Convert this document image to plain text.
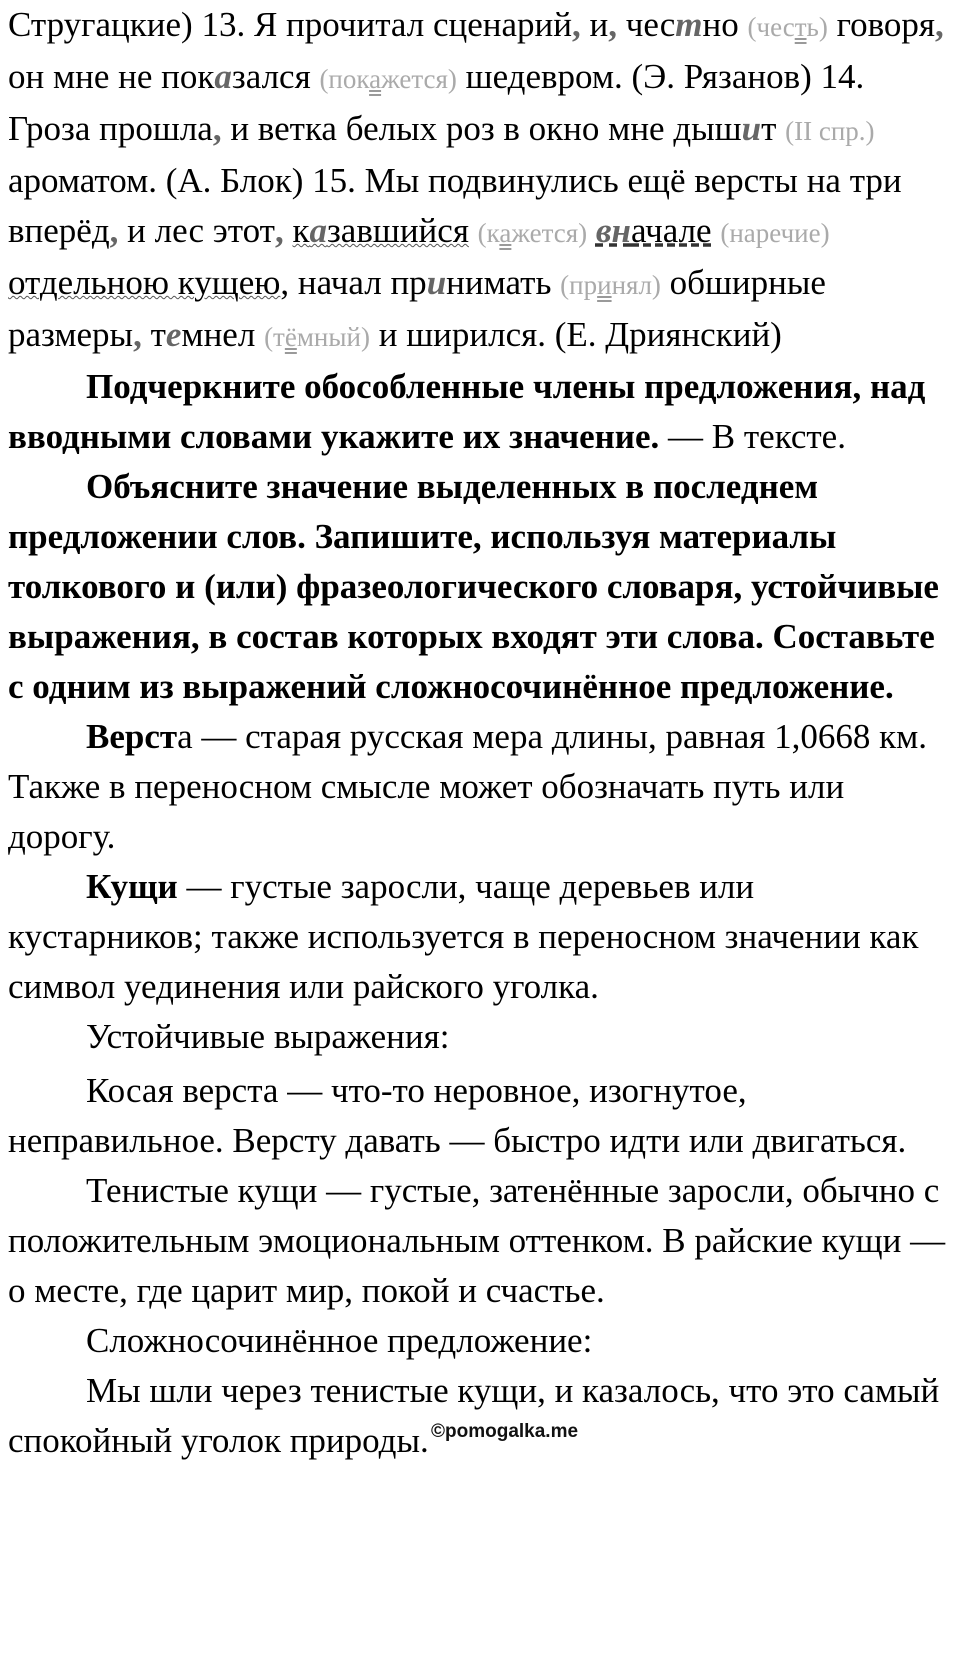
Стругацкие) 13. Я прочитал сценарий, и, честно (честь) говоря, он мне не показался (покажется) шедевром. (Э. Рязанов) 14. Гроза прошла, и ветка белых роз в окно мне дышит (II спр.) ароматом. (А. Блок) 15. Мы подвинулись ещё версты на три вперёд, и лес этот, казавшийся (кажется) вначале (наречие) отдельною кущею, начал принимать (принял) обширные размеры, темнел (тёмный) и ширился. (Е. Дриянский)

Подчеркните обособленные члены предложения, над вводными словами укажите их значение. — В тексте.

Объясните значение выделенных в последнем предложении слов. Запишите, используя материалы толкового и (или) фразеологического словаря, устойчивые выражения, в состав которых входят эти слова. Составьте с одним из выражений сложносочинённое предложение.

Верста — старая русская мера длины, равная 1,0668 км. Также в переносном смысле может обозначать путь или дорогу.

Кущи — густые заросли, чаще деревьев или кустарников; также используется в переносном значении как символ уединения или райского уголка.

Устойчивые выражения:

Косая верста — что-то неровное, изогнутое, неправильное. Версту давать — быстро идти или двигаться.

Тенистые кущи — густые, затенённые заросли, обычно с положительным эмоциональным оттенком. В райские кущи — о месте, где царит мир, покой и счастье.

Сложносочинённое предложение:

Мы шли через тенистые кущи, и казалось, что это самый спокойный уголок природы. ©pomogalka.me
